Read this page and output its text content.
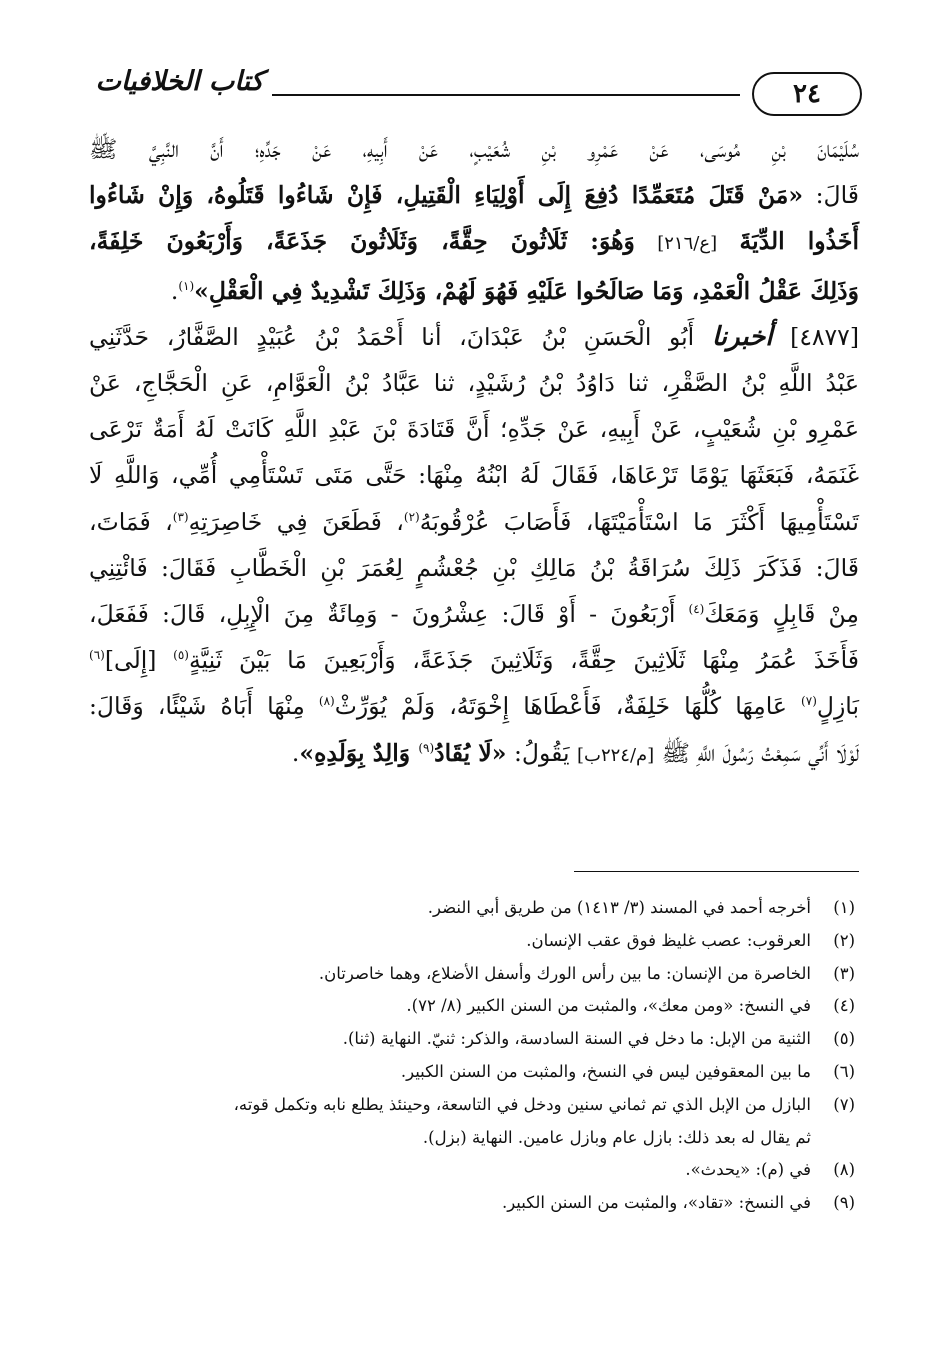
٢٤
كتاب الخلافيات

سُلَيْمَانَ بْنِ مُوسَى، عَنْ عَمْرِو بْنِ شُعَيْبٍ، عَنْ أَبِيهِ، عَنْ جَدِّهِ؛ أَنَّ النَّبِيَّ ﷺ

قَالَ: «مَنْ قَتَلَ مُتَعَمِّدًا دُفِعَ إِلَى أَوْلِيَاءِ الْقَتِيلِ، فَإِنْ شَاءُوا قَتَلُوهُ، وَإِنْ شَاءُوا

أَخَذُوا الدِّيَةَ [ع/٢١٦] وَهُوَ: ثَلَاثُونَ حِقَّةً، وَثَلَاثُونَ جَذَعَةً، وَأَرْبَعُونَ خَلِفَةً،

وَذَلِكَ عَقْلُ الْعَمْدِ، وَمَا صَالَحُوا عَلَيْهِ فَهُوَ لَهُمْ، وَذَلِكَ تَشْدِيدٌ فِي الْعَقْلِ»$^{(١)}$.

[٤٨٧٧] أخبرنا أَبُو الْحَسَنِ بْنُ عَبْدَانَ، أنا أَحْمَدُ بْنُ عُبَيْدٍ الصَّفَّارُ، حَدَّثَنِي

عَبْدُ اللَّهِ بْنُ الصَّقْرِ، ثنا دَاوُدُ بْنُ رُشَيْدٍ، ثنا عَبَّادُ بْنُ الْعَوَّامِ، عَنِ الْحَجَّاجِ، عَنْ

عَمْرِو بْنِ شُعَيْبٍ، عَنْ أَبِيهِ، عَنْ جَدِّهِ؛ أَنَّ قَتَادَةَ بْنَ عَبْدِ اللَّهِ كَانَتْ لَهُ أَمَةٌ تَرْعَى

غَنَمَهُ، فَبَعَثَهَا يَوْمًا تَرْعَاهَا، فَقَالَ لَهُ ابْنُهُ مِنْهَا: حَتَّى مَتَى تَسْتَأْمِي أُمِّي، وَاللَّهِ لَا

تَسْتَأْمِيهَا أَكْثَرَ مَا اسْتَأْمَيْتَهَا، فَأَصَابَ عُرْقُوبَهُ$^{(٢)}$، فَطَعَنَ فِي خَاصِرَتِهِ$^{(٣)}$، فَمَاتَ،

قَالَ: فَذَكَرَ ذَلِكَ سُرَاقَةُ بْنُ مَالِكِ بْنِ جُعْشُمٍ لِعُمَرَ بْنِ الْخَطَّابِ فَقَالَ: فَائْتِنِي

مِنْ قَابِلٍ وَمَعَكَ$^{(٤)}$ أَرْبَعُونَ - أَوْ قَالَ: عِشْرُونَ - وَمِائَةٌ مِنَ الْإِبِلِ، قَالَ: فَفَعَلَ،

فَأَخَذَ عُمَرُ مِنْهَا ثَلَاثِينَ حِقَّةً، وَثَلَاثِينَ جَذَعَةً، وَأَرْبَعِينَ مَا بَيْنَ ثَنِيَّةٍ$^{(٥)}$ [إِلَى]$^{(٦)}$

بَازِلٍ$^{(٧)}$ عَامِهَا كُلُّهَا خَلِفَةٌ، فَأَعْطَاهَا إِخْوَتَهُ، وَلَمْ يُوَرِّثْ$^{(٨)}$ مِنْهَا أَبَاهُ شَيْئًا، وَقَالَ:

لَوْلَا أَنِّي سَمِعْتُ رَسُولَ اللَّهِ ﷺ [م/٢٢٤ب] يَقُولُ: «لَا يُقَادُ$^{(٩)}$ وَالِدٌ بِوَلَدِهِ».

(١)
أخرجه أحمد في المسند (٣/ ١٤١٣) من طريق أبي النضر.
(٢)
العرقوب: عصب غليظ فوق عقب الإنسان.
(٣)
الخاصرة من الإنسان: ما بين رأس الورك وأسفل الأضلاع، وهما خاصرتان.
(٤)
في النسخ: «ومن معك»، والمثبت من السنن الكبير (٨/ ٧٢).
(٥)
الثنية من الإبل: ما دخل في السنة السادسة، والذكر: ثنيّ. النهاية (ثنا).
(٦)
ما بين المعقوفين ليس في النسخ، والمثبت من السنن الكبير.
(٧)
البازل من الإبل الذي تم ثماني سنين ودخل في التاسعة، وحينئذ يطلع نابه وتكمل قوته،
ثم يقال له بعد ذلك: بازل عام وبازل عامين. النهاية (بزل).
(٨)
في (م): «يحدث».
(٩)
في النسخ: «تقاد»، والمثبت من السنن الكبير.
